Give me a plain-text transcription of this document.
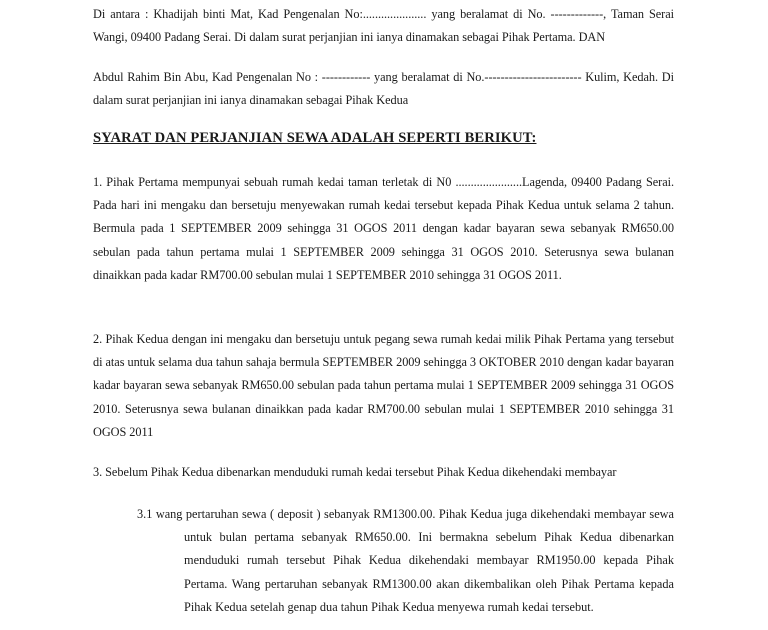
Di antara : Khadijah binti Mat, Kad Pengenalan No:..................... yang beralamat di No. -------------, Taman Serai Wangi, 09400 Padang Serai. Di dalam surat perjanjian ini ianya dinamakan sebagai Pihak Pertama. DAN

Abdul Rahim Bin Abu, Kad Pengenalan No : ------------ yang beralamat di No.------------------------ Kulim, Kedah. Di dalam surat perjanjian ini ianya dinamakan sebagai Pihak Kedua

SYARAT DAN PERJANJIAN SEWA ADALAH SEPERTI BERIKUT:

1. Pihak Pertama mempunyai sebuah rumah kedai taman terletak di N0 ......................Lagenda, 09400 Padang Serai. Pada hari ini mengaku dan bersetuju menyewakan rumah kedai tersebut kepada Pihak Kedua untuk selama 2 tahun. Bermula pada 1 SEPTEMBER 2009 sehingga 31 OGOS 2011 dengan kadar bayaran sewa sebanyak RM650.00 sebulan pada tahun pertama mulai 1 SEPTEMBER 2009 sehingga 31 OGOS 2010. Seterusnya sewa bulanan dinaikkan pada kadar RM700.00 sebulan mulai 1 SEPTEMBER 2010 sehingga 31 OGOS 2011.

2. Pihak Kedua dengan ini mengaku dan bersetuju untuk pegang sewa rumah kedai milik Pihak Pertama yang tersebut di atas untuk selama dua tahun sahaja bermula SEPTEMBER 2009 sehingga 3 OKTOBER 2010 dengan kadar bayaran kadar bayaran sewa sebanyak RM650.00 sebulan pada tahun pertama mulai 1 SEPTEMBER 2009 sehingga 31 OGOS 2010. Seterusnya sewa bulanan dinaikkan pada kadar RM700.00 sebulan mulai 1 SEPTEMBER 2010 sehingga 31 OGOS 2011

3. Sebelum Pihak Kedua dibenarkan menduduki rumah kedai tersebut Pihak Kedua dikehendaki membayar

3.1 wang pertaruhan sewa ( deposit ) sebanyak RM1300.00. Pihak Kedua juga dikehendaki membayar sewa untuk bulan pertama sebanyak RM650.00. Ini bermakna sebelum Pihak Kedua dibenarkan menduduki rumah tersebut Pihak Kedua dikehendaki membayar RM1950.00 kepada Pihak Pertama. Wang pertaruhan sebanyak RM1300.00 akan dikembalikan oleh Pihak Pertama kepada Pihak Kedua setelah genap dua tahun Pihak Kedua menyewa rumah kedai tersebut.
